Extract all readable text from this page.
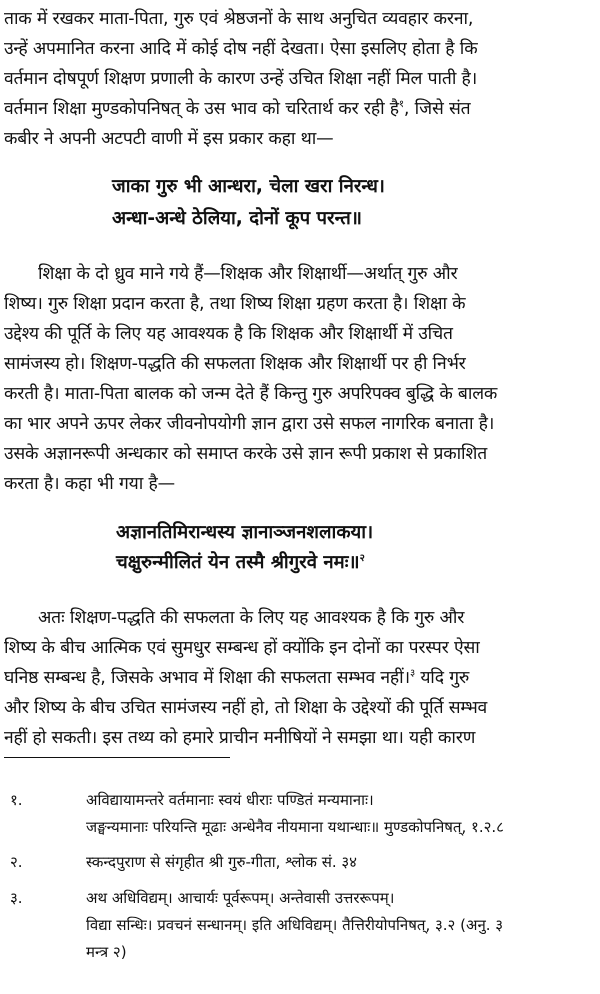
ताक में रखकर माता-पिता, गुरु एवं श्रेष्ठजनों के साथ अनुचित व्यवहार करना,
उन्हें अपमानित करना आदि में कोई दोष नहीं देखता। ऐसा इसलिए होता है कि
वर्तमान दोषपूर्ण शिक्षण प्रणाली के कारण उन्हें उचित शिक्षा नहीं मिल पाती है।
वर्तमान शिक्षा मुण्डकोपनिषत् के उस भाव को चरितार्थ कर रही है$^१$, जिसे संत
कबीर ने अपनी अटपटी वाणी में इस प्रकार कहा था—
जाका गुरु भी आन्धरा, चेला खरा निरन्ध।
अन्धा-अन्धे ठेलिया, दोनों कूप परन्त॥
शिक्षा के दो ध्रुव माने गये हैं—शिक्षक और शिक्षार्थी—अर्थात् गुरु और
शिष्य। गुरु शिक्षा प्रदान करता है, तथा शिष्य शिक्षा ग्रहण करता है। शिक्षा के
उद्देश्य की पूर्ति के लिए यह आवश्यक है कि शिक्षक और शिक्षार्थी में उचित
सामंजस्य हो। शिक्षण-पद्धति की सफलता शिक्षक और शिक्षार्थी पर ही निर्भर
करती है। माता-पिता बालक को जन्म देते हैं किन्तु गुरु अपरिपक्व बुद्धि के बालक
का भार अपने ऊपर लेकर जीवनोपयोगी ज्ञान द्वारा उसे सफल नागरिक बनाता है।
उसके अज्ञानरूपी अन्धकार को समाप्त करके उसे ज्ञान रूपी प्रकाश से प्रकाशित
करता है। कहा भी गया है—
अज्ञानतिमिरान्धस्य ज्ञानाञ्जनशलाकया।
चक्षुरुन्मीलितं येन तस्मै श्रीगुरवे नमः॥$^२$
अतः शिक्षण-पद्धति की सफलता के लिए यह आवश्यक है कि गुरु और
शिष्य के बीच आत्मिक एवं सुमधुर सम्बन्ध हों क्योंकि इन दोनों का परस्पर ऐसा
घनिष्ठ सम्बन्ध है, जिसके अभाव में शिक्षा की सफलता सम्भव नहीं।$^३$ यदि गुरु
और शिष्य के बीच उचित सामंजस्य नहीं हो, तो शिक्षा के उद्देश्यों की पूर्ति सम्भव
नहीं हो सकती। इस तथ्य को हमारे प्राचीन मनीषियों ने समझा था। यही कारण
१.	अविद्यायामन्तरे वर्तमानाः स्वयं धीराः पण्डितं मन्यमानाः।
जङ्घन्यमानाः परियन्ति मूढाः अन्धेनैव नीयमाना यथान्धाः॥ मुण्डकोपनिषत्, १.२.८
२.	स्कन्दपुराण से संगृहीत श्री गुरु-गीता, श्लोक सं. ३४
३.	अथ अधिविद्यम्। आचार्यः पूर्वरूपम्। अन्तेवासी उत्तररूपम्।
विद्या सन्धिः। प्रवचनं सन्धानम्। इति अधिविद्यम्। तैत्तिरीयोपनिषत्, ३.२ (अनु. ३
मन्त्र २)
